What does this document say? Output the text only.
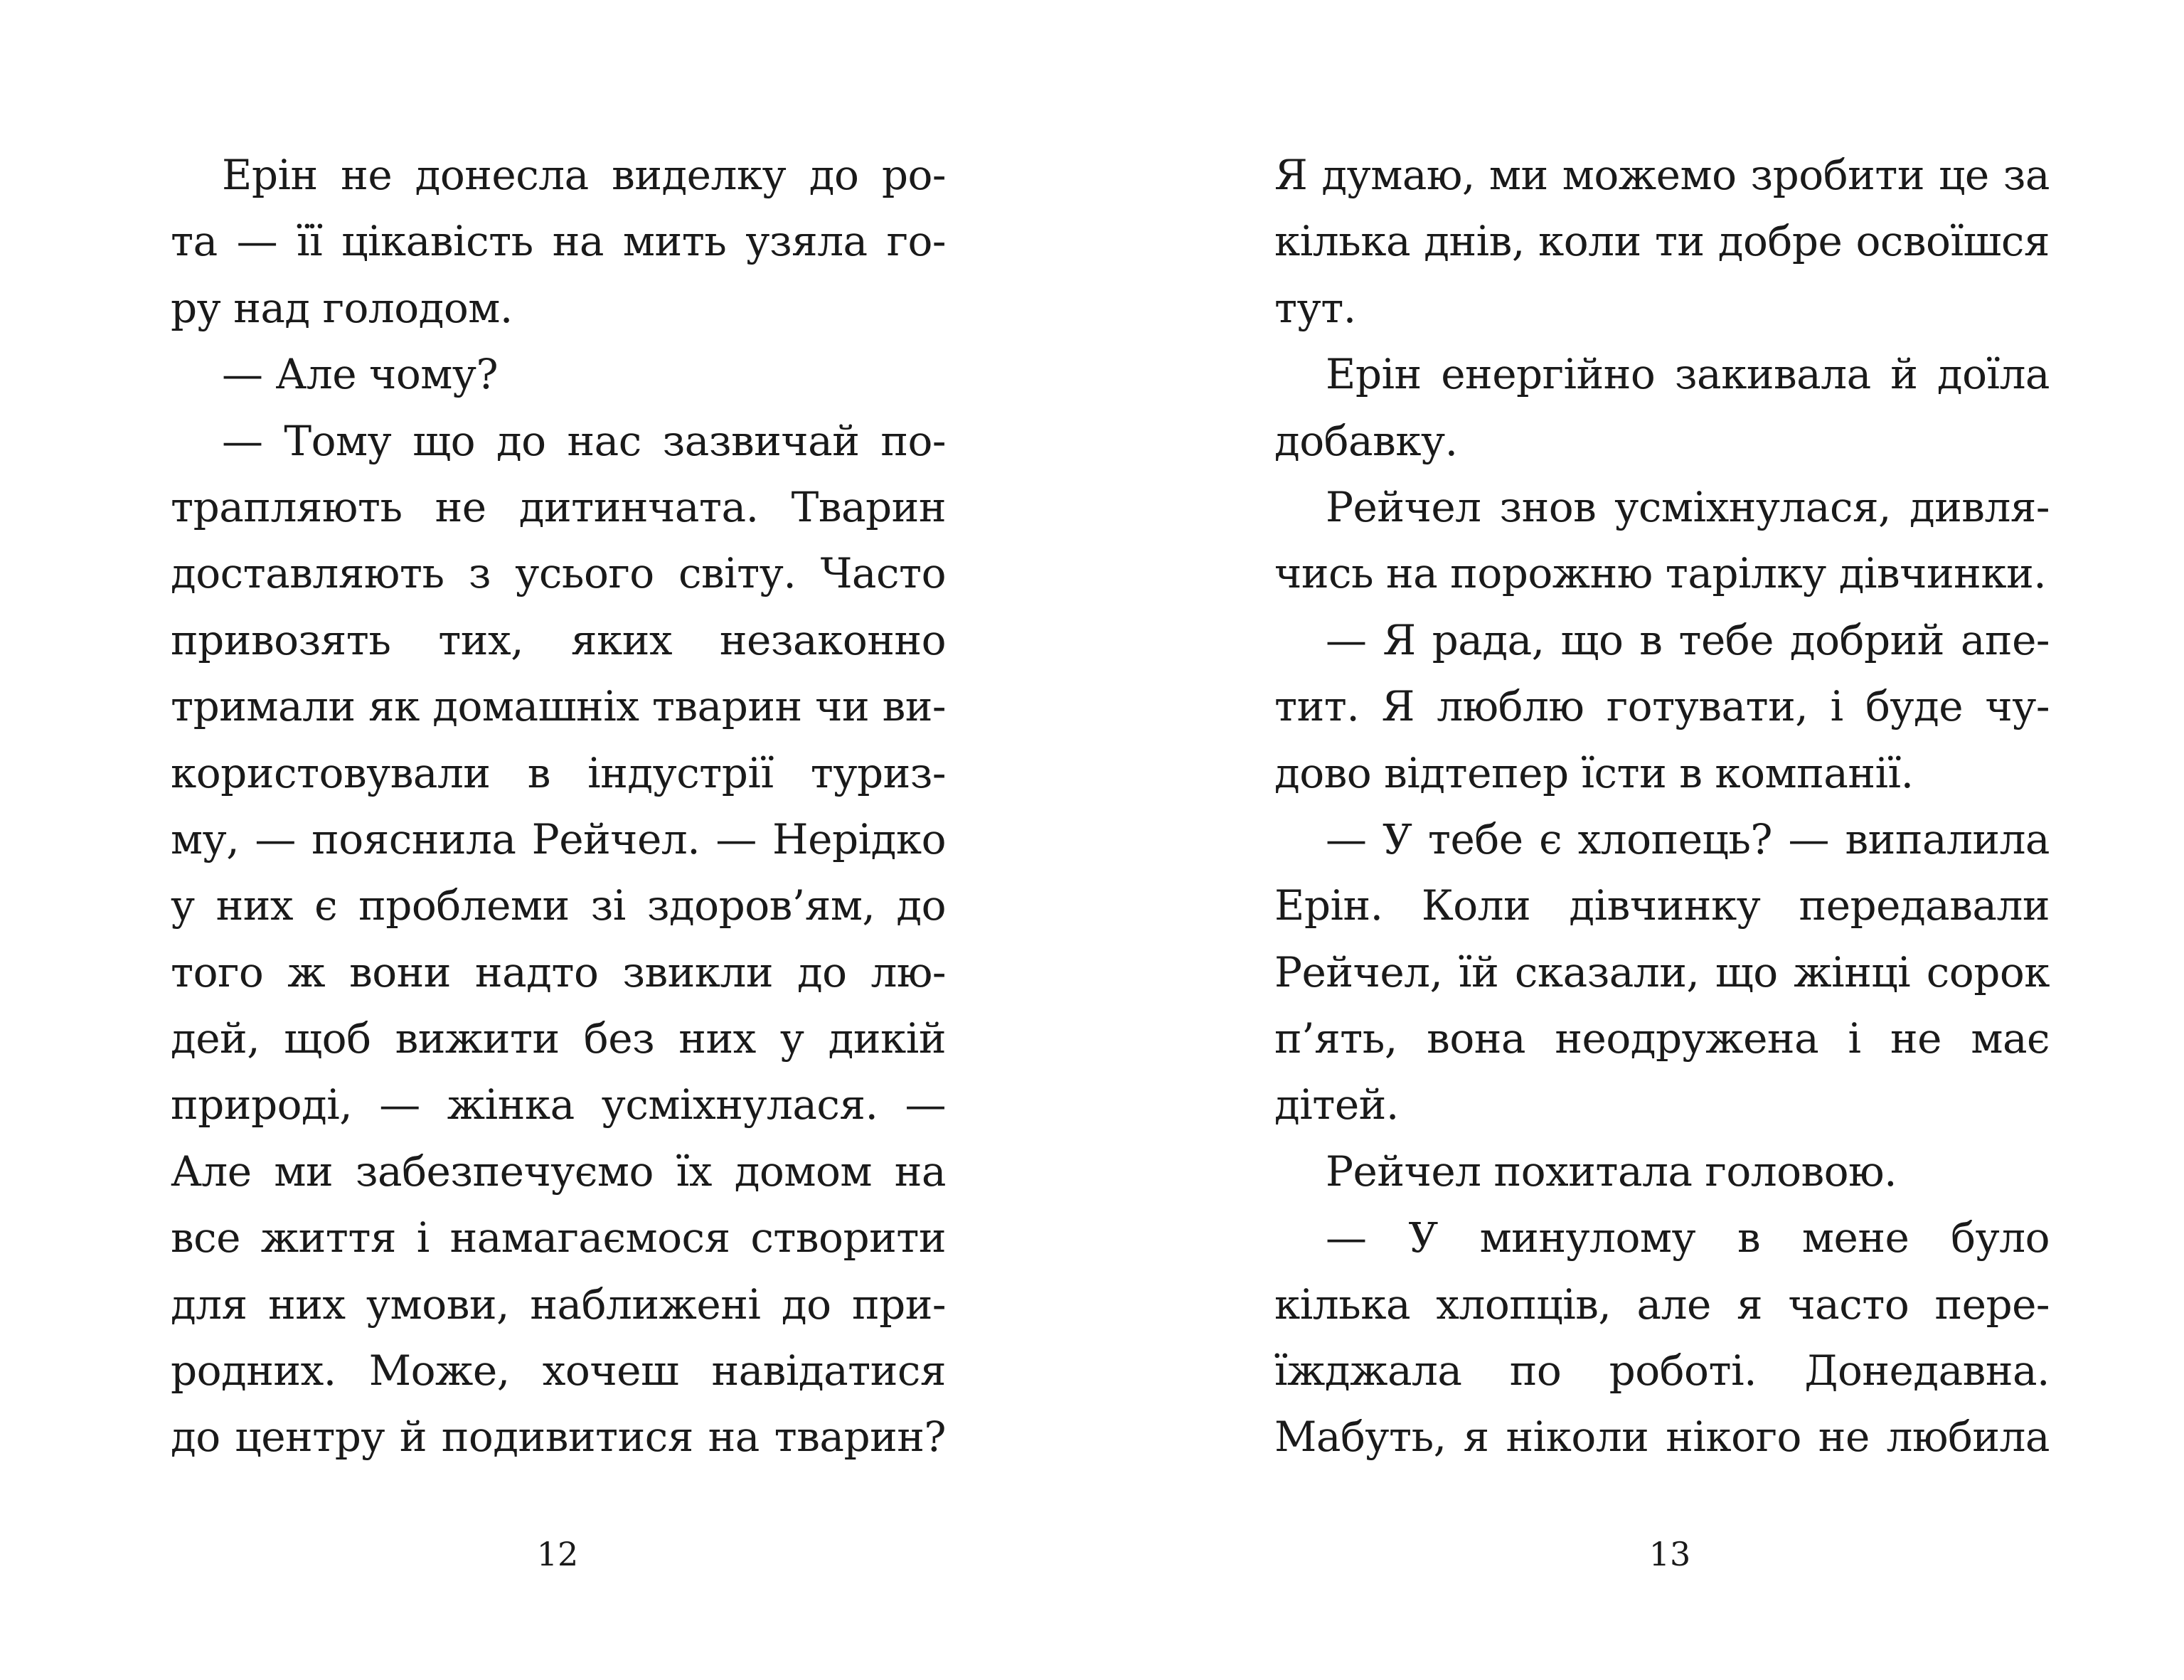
Ерін не донесла виделку до ро-
та — її цікавість на мить узяла го-
ру над голодом.
— Але чому?
— Тому що до нас зазвичай по-
трапляють не дитинчата. Тварин
доставляють з усього світу. Часто
привозять тих, яких незаконно
тримали як домашніх тварин чи ви-
користовували в індустрії туриз-
му, — пояснила Рейчел. — Нерідко
у них є проблеми зі здоров’ям, до
того ж вони надто звикли до лю-
дей, щоб вижити без них у дикій
природі, — жінка усміхнулася. —
Але ми забезпечуємо їх домом на
все життя і намагаємося створити
для них умови, наближені до при-
родних. Може, хочеш навідатися
до центру й подивитися на тварин?
12
Я думаю, ми можемо зробити це за
кілька днів, коли ти добре освоїшся
тут.
Ерін енергійно закивала й доїла
добавку.
Рейчел знов усміхнулася, дивля-
чись на порожню тарілку дівчинки.
— Я рада, що в тебе добрий апе-
тит. Я люблю готувати, і буде чу-
дово відтепер їсти в компанії.
— У тебе є хлопець? — випалила
Ерін. Коли дівчинку передавали
Рейчел, їй сказали, що жінці сорок
п’ять, вона неодружена і не має
дітей.
Рейчел похитала головою.
— У минулому в мене було
кілька хлопців, але я часто пере-
їжджала по роботі. Донедавна.
Мабуть, я ніколи нікого не любила
13
